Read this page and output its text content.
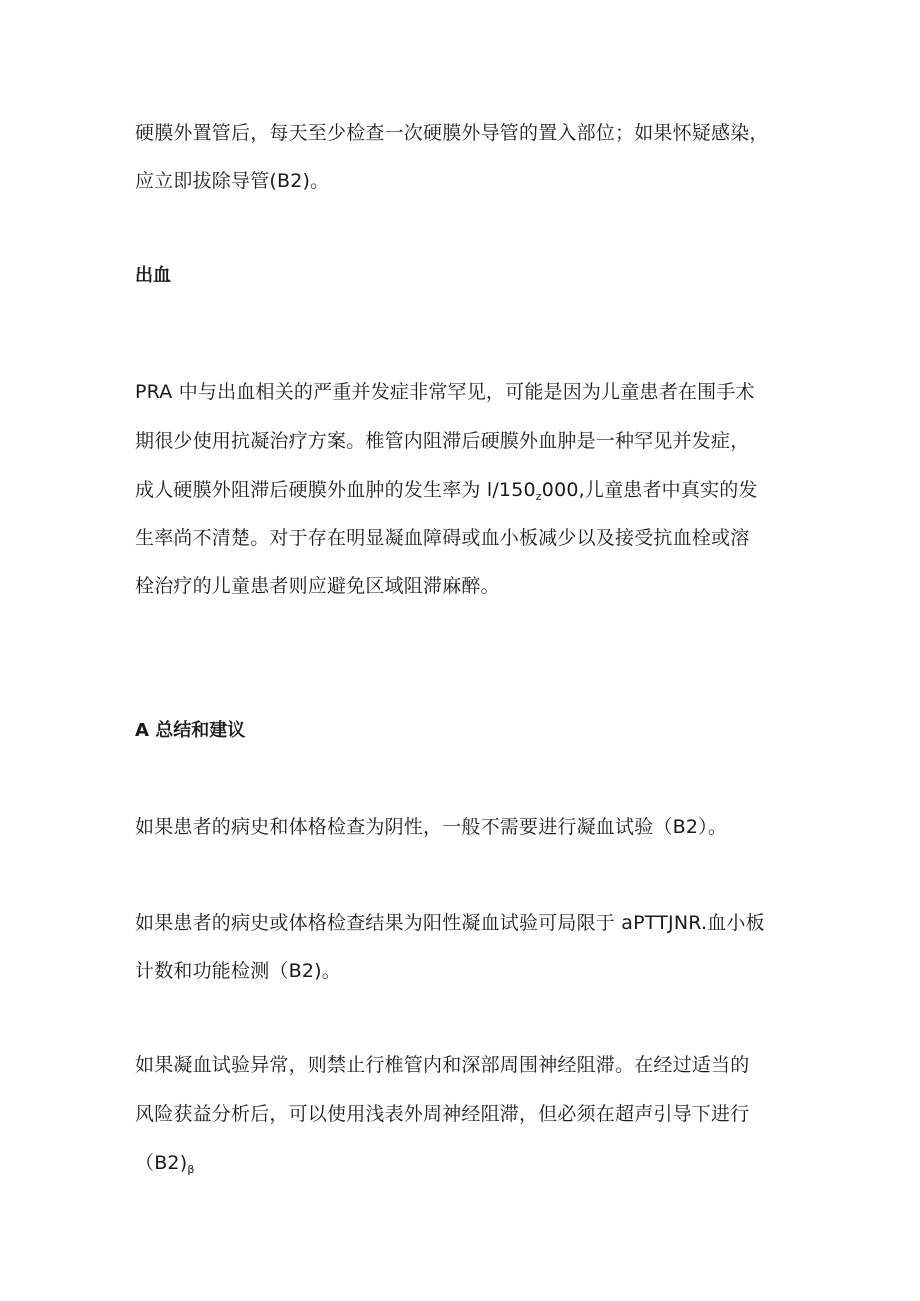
硬膜外置管后，每天至少检查一次硬膜外导管的置入部位；如果怀疑感染，
应立即拔除导管(B2)。
出血
PRA 中与出血相关的严重并发症非常罕见，可能是因为儿童患者在围手术
期很少使用抗凝治疗方案。椎管内阻滞后硬膜外血肿是一种罕见并发症，
成人硬膜外阻滞后硬膜外血肿的发生率为 $l/150_z000$,儿童患者中真实的发
生率尚不清楚。对于存在明显凝血障碍或血小板减少以及接受抗血栓或溶
栓治疗的儿童患者则应避免区域阻滞麻醉。
A 总结和建议
如果患者的病史和体格检查为阴性，一般不需要进行凝血试验（B2）。
如果患者的病史或体格检查结果为阳性凝血试验可局限于 aPTTJNR.血小板
计数和功能检测（B2)。
如果凝血试验异常，则禁止行椎管内和深部周围神经阻滞。在经过适当的
风险获益分析后，可以使用浅表外周神经阻滞，但必须在超声引导下进行
$(B2)_\beta$
